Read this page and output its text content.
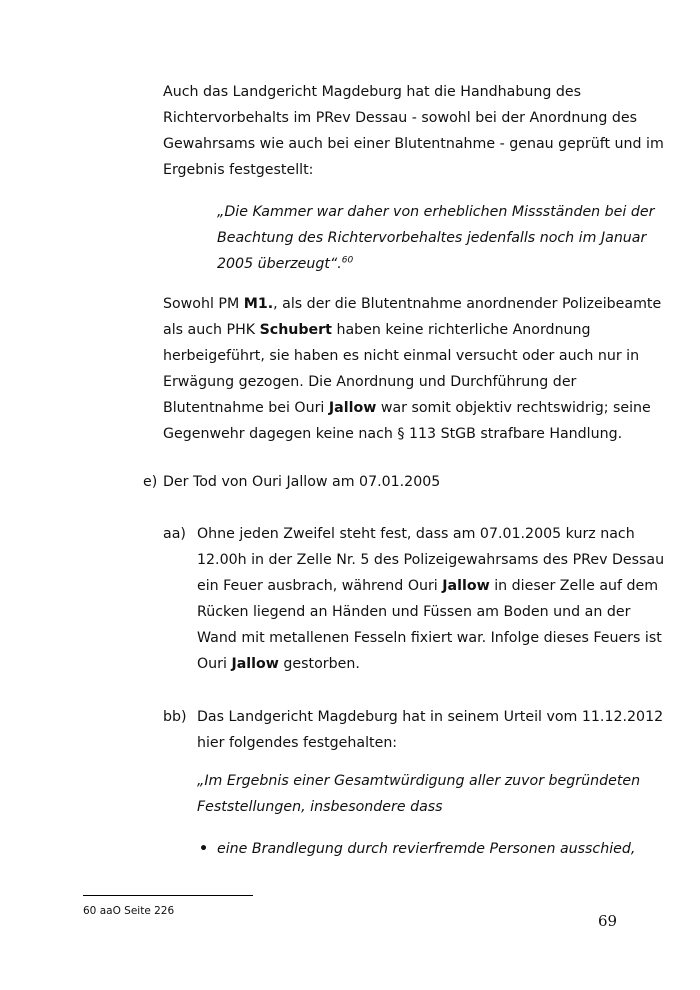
Auch das Landgericht Magdeburg hat die Handhabung des
Richtervorbehalts im PRev Dessau - sowohl bei der Anordnung des
Gewahrsams wie auch bei einer Blutentnahme - genau geprüft und im
Ergebnis festgestellt:
„Die Kammer war daher von erheblichen Missständen bei der
Beachtung des Richtervorbehaltes jedenfalls noch im Januar
2005 überzeugt“.$^{60}$
Sowohl PM M1., als der die Blutentnahme anordnender Polizeibeamte
als auch PHK Schubert haben keine richterliche Anordnung
herbeigeführt, sie haben es nicht einmal versucht oder auch nur in
Erwägung gezogen. Die Anordnung und Durchführung der
Blutentnahme bei Ouri Jallow war somit objektiv rechtswidrig; seine
Gegenwehr dagegen keine nach § 113 StGB strafbare Handlung.
e) Der Tod von Ouri Jallow am 07.01.2005
aa) Ohne jeden Zweifel steht fest, dass am 07.01.2005 kurz nach
12.00h in der Zelle Nr. 5 des Polizeigewahrsams des PRev Dessau
ein Feuer ausbrach, während Ouri Jallow in dieser Zelle auf dem
Rücken liegend an Händen und Füssen am Boden und an der
Wand mit metallenen Fesseln fixiert war. Infolge dieses Feuers ist
Ouri Jallow gestorben.
bb) Das Landgericht Magdeburg hat in seinem Urteil vom 11.12.2012
hier folgendes festgehalten:
„Im Ergebnis einer Gesamtwürdigung aller zuvor begründeten
Feststellungen, insbesondere dass
• eine Brandlegung durch revierfremde Personen ausschied,
60 aaO Seite 226
69
